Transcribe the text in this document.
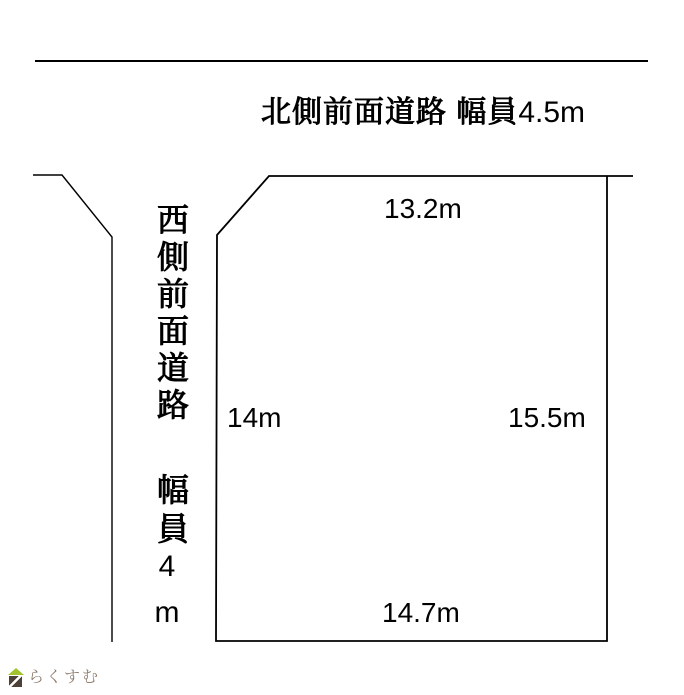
北側前面道路 幅員4.5m
西側前面道路
幅員
4
m
13.2m
14m	15.5m
14.7m
らくすむ
